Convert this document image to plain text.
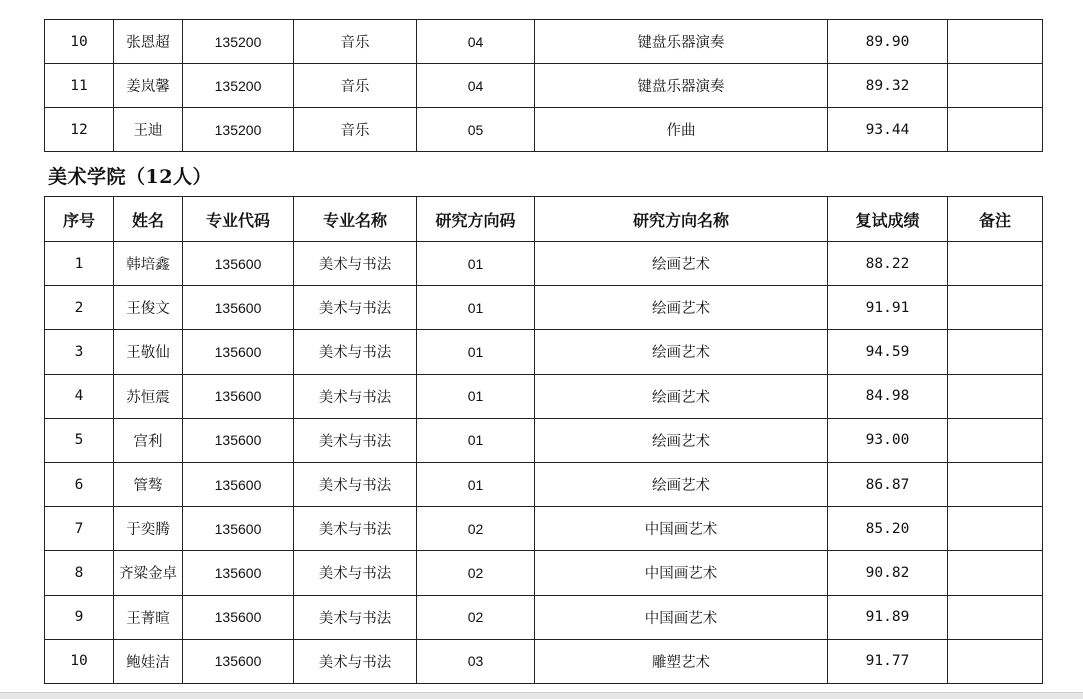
10	张恩超	135200	音乐	04	键盘乐器演奏	89.90	
11	姜岚馨	135200	音乐	04	键盘乐器演奏	89.32	
12	王迪	135200	音乐	05	作曲	93.44	
美术学院（12人）
序号	姓名	专业代码	专业名称	研究方向码	研究方向名称	复试成绩	备注
1	韩培鑫	135600	美术与书法	01	绘画艺术	88.22	
2	王俊文	135600	美术与书法	01	绘画艺术	91.91	
3	王敬仙	135600	美术与书法	01	绘画艺术	94.59	
4	苏恒震	135600	美术与书法	01	绘画艺术	84.98	
5	宫利	135600	美术与书法	01	绘画艺术	93.00	
6	管骜	135600	美术与书法	01	绘画艺术	86.87	
7	于奕腾	135600	美术与书法	02	中国画艺术	85.20	
8	齐粱金卓	135600	美术与书法	02	中国画艺术	90.82	
9	王菁暄	135600	美术与书法	02	中国画艺术	91.89	
10	鲍娃洁	135600	美术与书法	03	雕塑艺术	91.77	
